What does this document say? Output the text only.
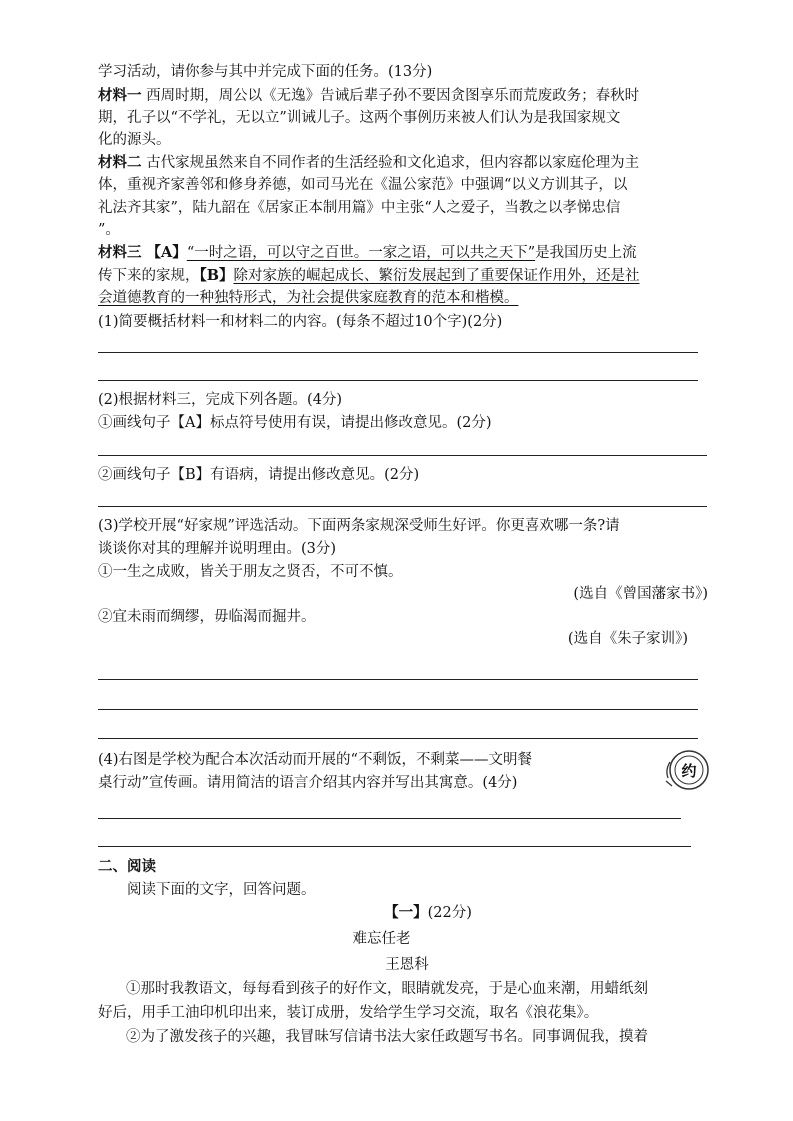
学习活动，请你参与其中并完成下面的任务。(13分)
材料一 西周时期，周公以《无逸》告诫后辈子孙不要因贪图享乐而荒废政务；春秋时
期，孔子以“不学礼，无以立”训诫儿子。这两个事例历来被人们认为是我国家规文
化的源头。
材料二 古代家规虽然来自不同作者的生活经验和文化追求，但内容都以家庭伦理为主
体，重视齐家善邻和修身养德，如司马光在《温公家范》中强调“以义方训其子，以
礼法齐其家”，陆九韶在《居家正本制用篇》中主张“人之爱子，当教之以孝悌忠信
”。
材料三 【A】“一时之语，可以守之百世。一家之语，可以共之天下”是我国历史上流
传下来的家规，【B】除对家族的崛起成长、繁衍发展起到了重要保证作用外，还是社
会道德教育的一种独特形式，为社会提供家庭教育的范本和楷模。
(1)简要概括材料一和材料二的内容。(每条不超过10个字)(2分)
(2)根据材料三，完成下列各题。(4分)
①画线句子【A】标点符号使用有误，请提出修改意见。(2分)
②画线句子【B】有语病，请提出修改意见。(2分)
(3)学校开展“好家规”评选活动。下面两条家规深受师生好评。你更喜欢哪一条?请
谈谈你对其的理解并说明理由。(3分)
①一生之成败，皆关于朋友之贤否，不可不慎。
(选自《曾国藩家书》)
②宜未雨而绸缪，毋临渴而掘井。
(选自《朱子家训》)
(4)右图是学校为配合本次活动而开展的“不剩饭，不剩菜——文明餐
桌行动”宣传画。请用简洁的语言介绍其内容并写出其寓意。(4分)
约
二、阅读
阅读下面的文字，回答问题。
【一】(22分)
难忘任老
王恩科
①那时我教语文，每每看到孩子的好作文，眼睛就发亮，于是心血来潮，用蜡纸刻
好后，用手工油印机印出来，装订成册，发给学生学习交流，取名《浪花集》。
②为了激发孩子的兴趣，我冒昧写信请书法大家任政题写书名。同事调侃我，摸着
